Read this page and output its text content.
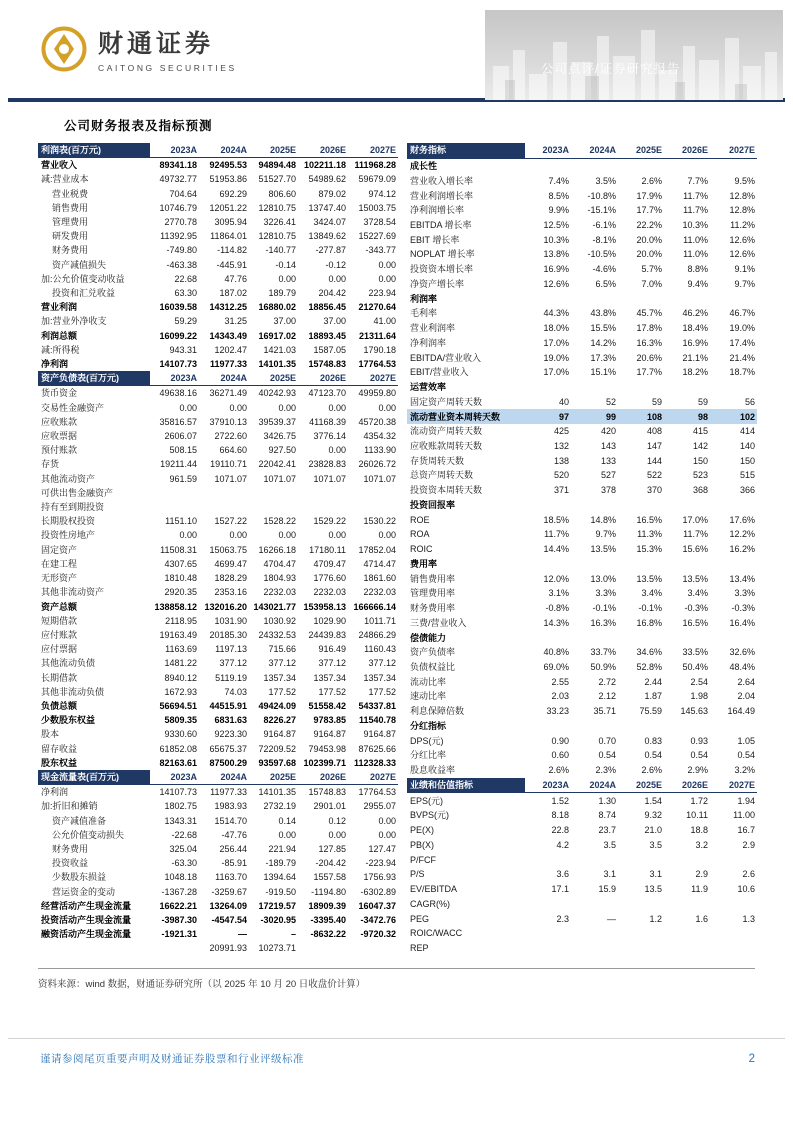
财通证券
CAITONG SECURITIES	公司点评/证券研究报告
公司财务报表及指标预测
利润表(百万元)	2023A	2024A	2025E	2026E	2027E
营业收入	89341.18	92495.53	94894.48	102211.18	111968.28
减:营业成本	49732.77	51953.86	51527.70	54989.62	59679.09
营业税费	704.64	692.29	806.60	879.02	974.12
销售费用	10746.79	12051.22	12810.75	13747.40	15003.75
管理费用	2770.78	3095.94	3226.41	3424.07	3728.54
研发费用	11392.95	11864.01	12810.75	13849.62	15227.69
财务费用	-749.80	-114.82	-140.77	-277.87	-343.77
资产减值损失	-463.38	-445.91	-0.14	-0.12	0.00
加:公允价值变动收益	22.68	47.76	0.00	0.00	0.00
投资和汇兑收益	63.30	187.02	189.79	204.42	223.94
营业利润	16039.58	14312.25	16880.02	18856.45	21270.64
加:营业外净收支	59.29	31.25	37.00	37.00	41.00
利润总额	16099.22	14343.49	16917.02	18893.45	21311.64
减:所得税	943.31	1202.47	1421.03	1587.05	1790.18
净利润	14107.73	11977.33	14101.35	15748.83	17764.53
资产负债表(百万元)	2023A	2024A	2025E	2026E	2027E
货币资金	49638.16	36271.49	40242.93	47123.70	49959.80
交易性金融资产	0.00	0.00	0.00	0.00	0.00
应收账款	35816.57	37910.13	39539.37	41168.39	45720.38
应收票据	2606.07	2722.60	3426.75	3776.14	4354.32
预付账款	508.15	664.60	927.50	0.00	1133.90
存货	19211.44	19110.71	22042.41	23828.83	26026.72
其他流动资产	961.59	1071.07	1071.07	1071.07	1071.07
可供出售金融资产					
持有至到期投资					
长期股权投资	1151.10	1527.22	1528.22	1529.22	1530.22
投资性房地产	0.00	0.00	0.00	0.00	0.00
固定资产	11508.31	15063.75	16266.18	17180.11	17852.04
在建工程	4307.65	4699.47	4704.47	4709.47	4714.47
无形资产	1810.48	1828.29	1804.93	1776.60	1861.60
其他非流动资产	2920.35	2353.16	2232.03	2232.03	2232.03
资产总额	138858.12	132016.20	143021.77	153958.13	166666.14
短期借款	2118.95	1031.90	1030.92	1029.90	1011.71
应付账款	19163.49	20185.30	24332.53	24439.83	24866.29
应付票据	1163.69	1197.13	715.66	916.49	1160.43
其他流动负债	1481.22	377.12	377.12	377.12	377.12
长期借款	8940.12	5119.19	1357.34	1357.34	1357.34
其他非流动负债	1672.93	74.03	177.52	177.52	177.52
负债总额	56694.51	44515.91	49424.09	51558.42	54337.81
少数股东权益	5809.35	6831.63	8226.27	9783.85	11540.78
股本	9330.60	9223.30	9164.87	9164.87	9164.87
留存收益	61852.08	65675.37	72209.52	79453.98	87625.66
股东权益	82163.61	87500.29	93597.68	102399.71	112328.33
现金流量表(百万元)	2023A	2024A	2025E	2026E	2027E
净利润	14107.73	11977.33	14101.35	15748.83	17764.53
加:折旧和摊销	1802.75	1983.93	2732.19	2901.01	2955.07
资产减值准备	1343.31	1514.70	0.14	0.12	0.00
公允价值变动损失	-22.68	-47.76	0.00	0.00	0.00
财务费用	325.04	256.44	221.94	127.85	127.47
投资收益	-63.30	-85.91	-189.79	-204.42	-223.94
少数股东损益	1048.18	1163.70	1394.64	1557.58	1756.93
营运资金的变动	-1367.28	-3259.67	-919.50	-1194.80	-6302.89
经营活动产生现金流量	16622.21	13264.09	17219.57	18909.39	16047.37
投资活动产生现金流量	-3987.30	-4547.54	-3020.95	-3395.40	-3472.76
融资活动产生现金流量	-1921.31	—	–	-8632.22	-9720.32
		20991.93	10273.71		
财务指标	2023A	2024A	2025E	2026E	2027E
成长性					
营业收入增长率	7.4%	3.5%	2.6%	7.7%	9.5%
营业利润增长率	8.5%	-10.8%	17.9%	11.7%	12.8%
净利润增长率	9.9%	-15.1%	17.7%	11.7%	12.8%
EBITDA 增长率	12.5%	-6.1%	22.2%	10.3%	11.2%
EBIT 增长率	10.3%	-8.1%	20.0%	11.0%	12.6%
NOPLAT 增长率	13.8%	-10.5%	20.0%	11.0%	12.6%
投资资本增长率	16.9%	-4.6%	5.7%	8.8%	9.1%
净资产增长率	12.6%	6.5%	7.0%	9.4%	9.7%
利润率					
毛利率	44.3%	43.8%	45.7%	46.2%	46.7%
营业利润率	18.0%	15.5%	17.8%	18.4%	19.0%
净利润率	17.0%	14.2%	16.3%	16.9%	17.4%
EBITDA/营业收入	19.0%	17.3%	20.6%	21.1%	21.4%
EBIT/营业收入	17.0%	15.1%	17.7%	18.2%	18.7%
运营效率					
固定资产周转天数	40	52	59	59	56
流动营业资本周转天数	97	99	108	98	102
流动资产周转天数	425	420	408	415	414
应收账款周转天数	132	143	147	142	140
存货周转天数	138	133	144	150	150
总资产周转天数	520	527	522	523	515
投资资本周转天数	371	378	370	368	366
投资回报率					
ROE	18.5%	14.8%	16.5%	17.0%	17.6%
ROA	11.7%	9.7%	11.3%	11.7%	12.2%
ROIC	14.4%	13.5%	15.3%	15.6%	16.2%
费用率					
销售费用率	12.0%	13.0%	13.5%	13.5%	13.4%
管理费用率	3.1%	3.3%	3.4%	3.4%	3.3%
财务费用率	-0.8%	-0.1%	-0.1%	-0.3%	-0.3%
三费/营业收入	14.3%	16.3%	16.8%	16.5%	16.4%
偿债能力					
资产负债率	40.8%	33.7%	34.6%	33.5%	32.6%
负债权益比	69.0%	50.9%	52.8%	50.4%	48.4%
流动比率	2.55	2.72	2.44	2.54	2.64
速动比率	2.03	2.12	1.87	1.98	2.04
利息保障倍数	33.23	35.71	75.59	145.63	164.49
分红指标					
DPS(元)	0.90	0.70	0.83	0.93	1.05
分红比率	0.60	0.54	0.54	0.54	0.54
股息收益率	2.6%	2.3%	2.6%	2.9%	3.2%
业绩和估值指标	2023A	2024A	2025E	2026E	2027E
EPS(元)	1.52	1.30	1.54	1.72	1.94
BVPS(元)	8.18	8.74	9.32	10.11	11.00
PE(X)	22.8	23.7	21.0	18.8	16.7
PB(X)	4.2	3.5	3.5	3.2	2.9
P/FCF					
P/S	3.6	3.1	3.1	2.9	2.6
EV/EBITDA	17.1	15.9	13.5	11.9	10.6
CAGR(%)					
PEG	2.3	—	1.2	1.6	1.3
ROIC/WACC					
REP					
资料来源：wind 数据，财通证券研究所（以 2025 年 10 月 20 日收盘价计算）
谨请参阅尾页重要声明及财通证券股票和行业评级标准	2
